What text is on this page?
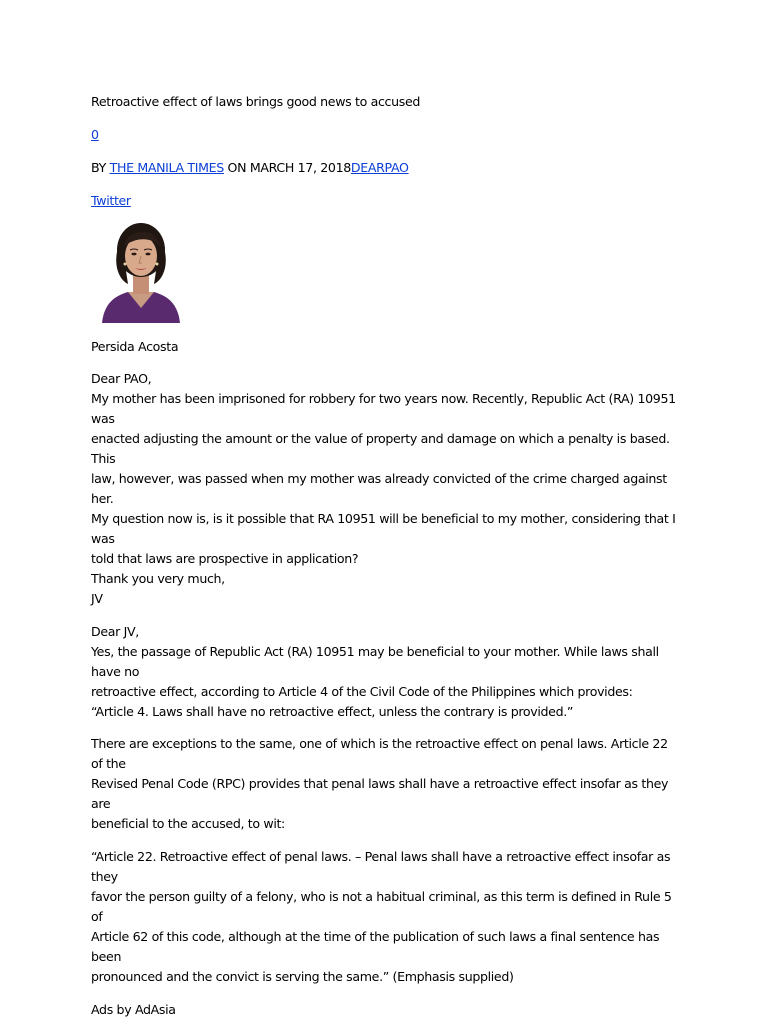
Retroactive effect of laws brings good news to accused

0

BY THE MANILA TIMES ON MARCH 17, 2018DEARPAO

Twitter

Persida Acosta

Dear PAO,

My mother has been imprisoned for robbery for two years now. Recently, Republic Act (RA) 10951 was

enacted adjusting the amount or the value of property and damage on which a penalty is based. This

law, however, was passed when my mother was already convicted of the crime charged against her.

My question now is, is it possible that RA 10951 will be beneficial to my mother, considering that I was

told that laws are prospective in application?

Thank you very much,

JV

Dear JV,

Yes, the passage of Republic Act (RA) 10951 may be beneficial to your mother. While laws shall have no

retroactive effect, according to Article 4 of the Civil Code of the Philippines which provides:

“Article 4. Laws shall have no retroactive effect, unless the contrary is provided.”

There are exceptions to the same, one of which is the retroactive effect on penal laws. Article 22 of the

Revised Penal Code (RPC) provides that penal laws shall have a retroactive effect insofar as they are

beneficial to the accused, to wit:

“Article 22. Retroactive effect of penal laws. – Penal laws shall have a retroactive effect insofar as they

favor the person guilty of a felony, who is not a habitual criminal, as this term is defined in Rule 5 of

Article 62 of this code, although at the time of the publication of such laws a final sentence has been

pronounced and the convict is serving the same.” (Emphasis supplied)

Ads by AdAsia
